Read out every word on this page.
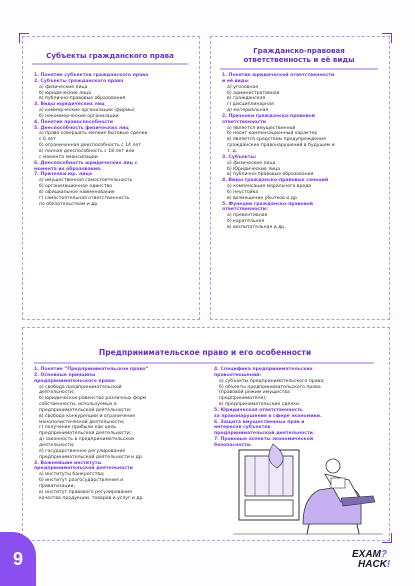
Субъекты гражданского права
1. Понятие субъектов гражданского права
2. Субъекты гражданского права
а) физические лица
б) юридические лица
в) публично-правовые образования
3. Виды юридических лиц
а) коммерческие организации (фирмы)
б) некоммерческие организации
4. Понятие правоспособности
5. Дееспособность физических лиц
а) право совершать мелкие бытовые сделки
с 6 лет
б) ограниченная дееспособность с 14 лет
в) полная дееспособность с 18 лет или
с момента эмансипации
6. Дееспособность юридических лиц с
момента их образования.
7. Признаки юр. лица
а) имущественная самостоятельность
б) организационное единство
в) официальное наименование
г) самостоятельная ответственность
по обязательствам и др.
Гражданско-правовая
ответственность и её виды
1. Понятие юридической ответственности
и её виды
а) уголовная
б) административная
в) гражданская
г) дисциплинарная
д) материальная
2. Признаки гражданско-правовой
ответственности
а) является имущественной
б) носит компенсационный характер
в) является средством предупреждения
гражданских правонарушений в будущем и
т. д.
3. Субъекты:
а) физические лица
б) Юридические лица
в) публично-правовые образования
4. Виды гражданско-правовых санкций
а) компенсация морального вреда
б) неустойка
в) возмещение убытков и др.
5. Функции гражданско-правовой
ответственности:
а) превентивная
б) карательная
в) воспитательная и др.
Предпринимательское право и его особенности
1. Понятие “Предпринимательское право”
2. Основные принципы
предпринимательского права:
а) свобода предпринимательской
деятельности;
б) юридическое равенство различных форм
собственности, используемых в
предпринимательской деятельности;
в) свобода конкуренции и ограничение
монополистической деятельности;
г) получение прибыли как цель
предпринимательской деятельности;
д) законность в предпринимательской
деятельности;
е) государственное регулирование
предпринимательской деятельности и др.
3. Важнейшие институты
предпринимательской деятельности
а) институты банкротства;
б) институт разгосударствления и
приватизации;
в) институт правового регулирования
качества продукции, товаров и услуг и др.
4. Специфика предпринимательских
правоотношений:
а) субъекты предпринимательского права;
б) объекты предпринимательского права
(правовой режим имущества
предпринимателя);
в) предпринимательские сделки.
5. Юридическая ответственность
за правонарушения в сфере экономики.
6. Защита имущественных прав и
интересов субъектов
предпринимательской деятельности.
7. Правовые аспекты экономической
безопасности.
9	EXAM?
HACK!
